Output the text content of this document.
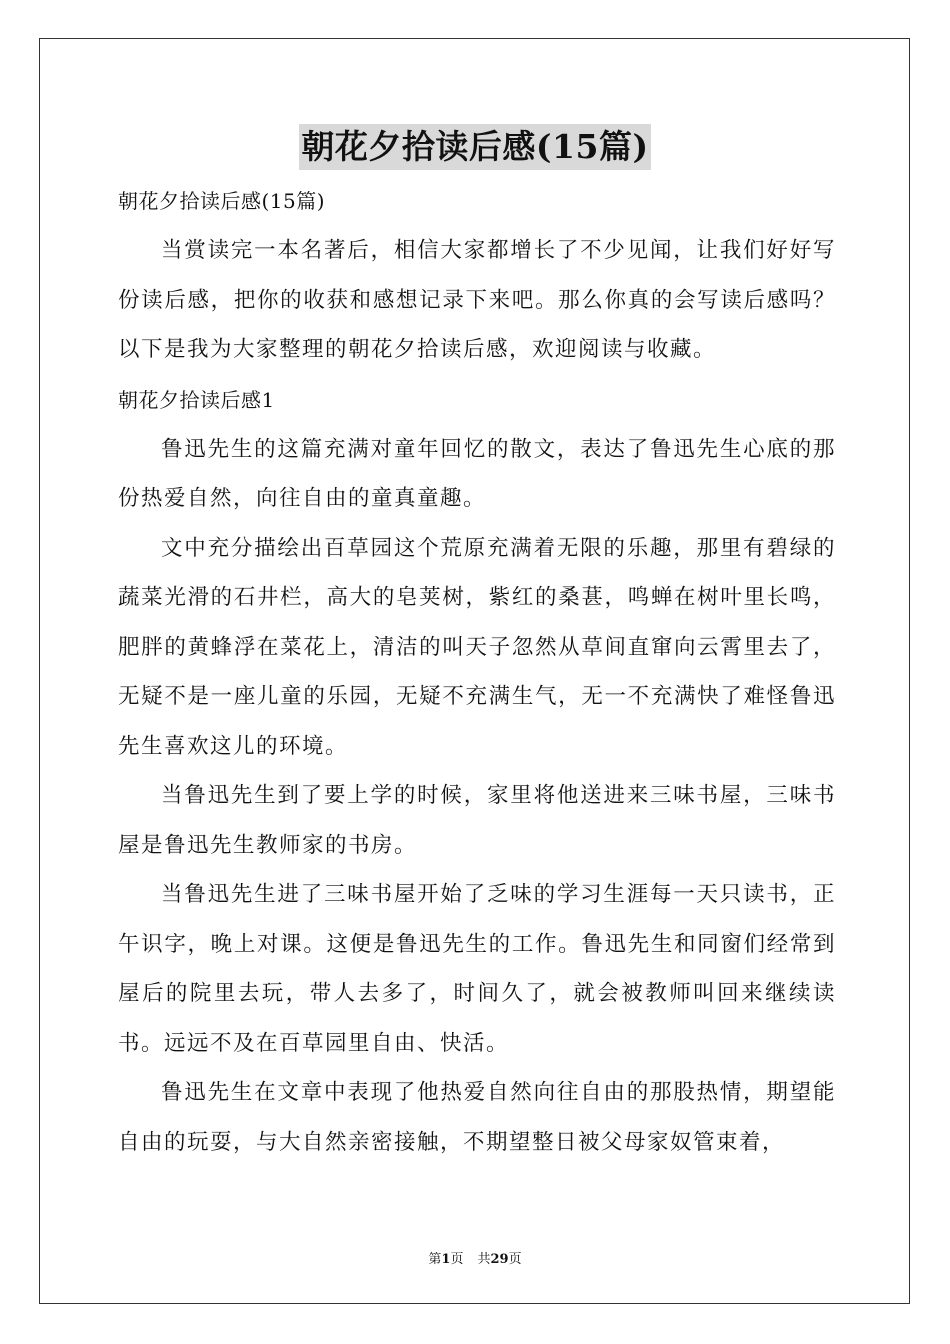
朝花夕拾读后感(15篇)

朝花夕拾读后感(15篇)

当赏读完一本名著后，相信大家都增长了不少见闻，让我们好好写份读后感，把你的收获和感想记录下来吧。那么你真的会写读后感吗？以下是我为大家整理的朝花夕拾读后感，欢迎阅读与收藏。

朝花夕拾读后感1

鲁迅先生的这篇充满对童年回忆的散文，表达了鲁迅先生心底的那份热爱自然，向往自由的童真童趣。

文中充分描绘出百草园这个荒原充满着无限的乐趣，那里有碧绿的蔬菜光滑的石井栏，高大的皂荚树，紫红的桑葚，鸣蝉在树叶里长鸣，肥胖的黄蜂浮在菜花上，清洁的叫天子忽然从草间直窜向云霄里去了，无疑不是一座儿童的乐园，无疑不充满生气，无一不充满快了难怪鲁迅先生喜欢这儿的环境。

当鲁迅先生到了要上学的时候，家里将他送进来三味书屋，三味书屋是鲁迅先生教师家的书房。

当鲁迅先生进了三味书屋开始了乏味的学习生涯每一天只读书，正午识字，晚上对课。这便是鲁迅先生的工作。鲁迅先生和同窗们经常到屋后的院里去玩，带人去多了，时间久了，就会被教师叫回来继续读书。远远不及在百草园里自由、快活。

鲁迅先生在文章中表现了他热爱自然向往自由的那股热情，期望能自由的玩耍，与大自然亲密接触，不期望整日被父母家奴管束着，

第1页 共29页
